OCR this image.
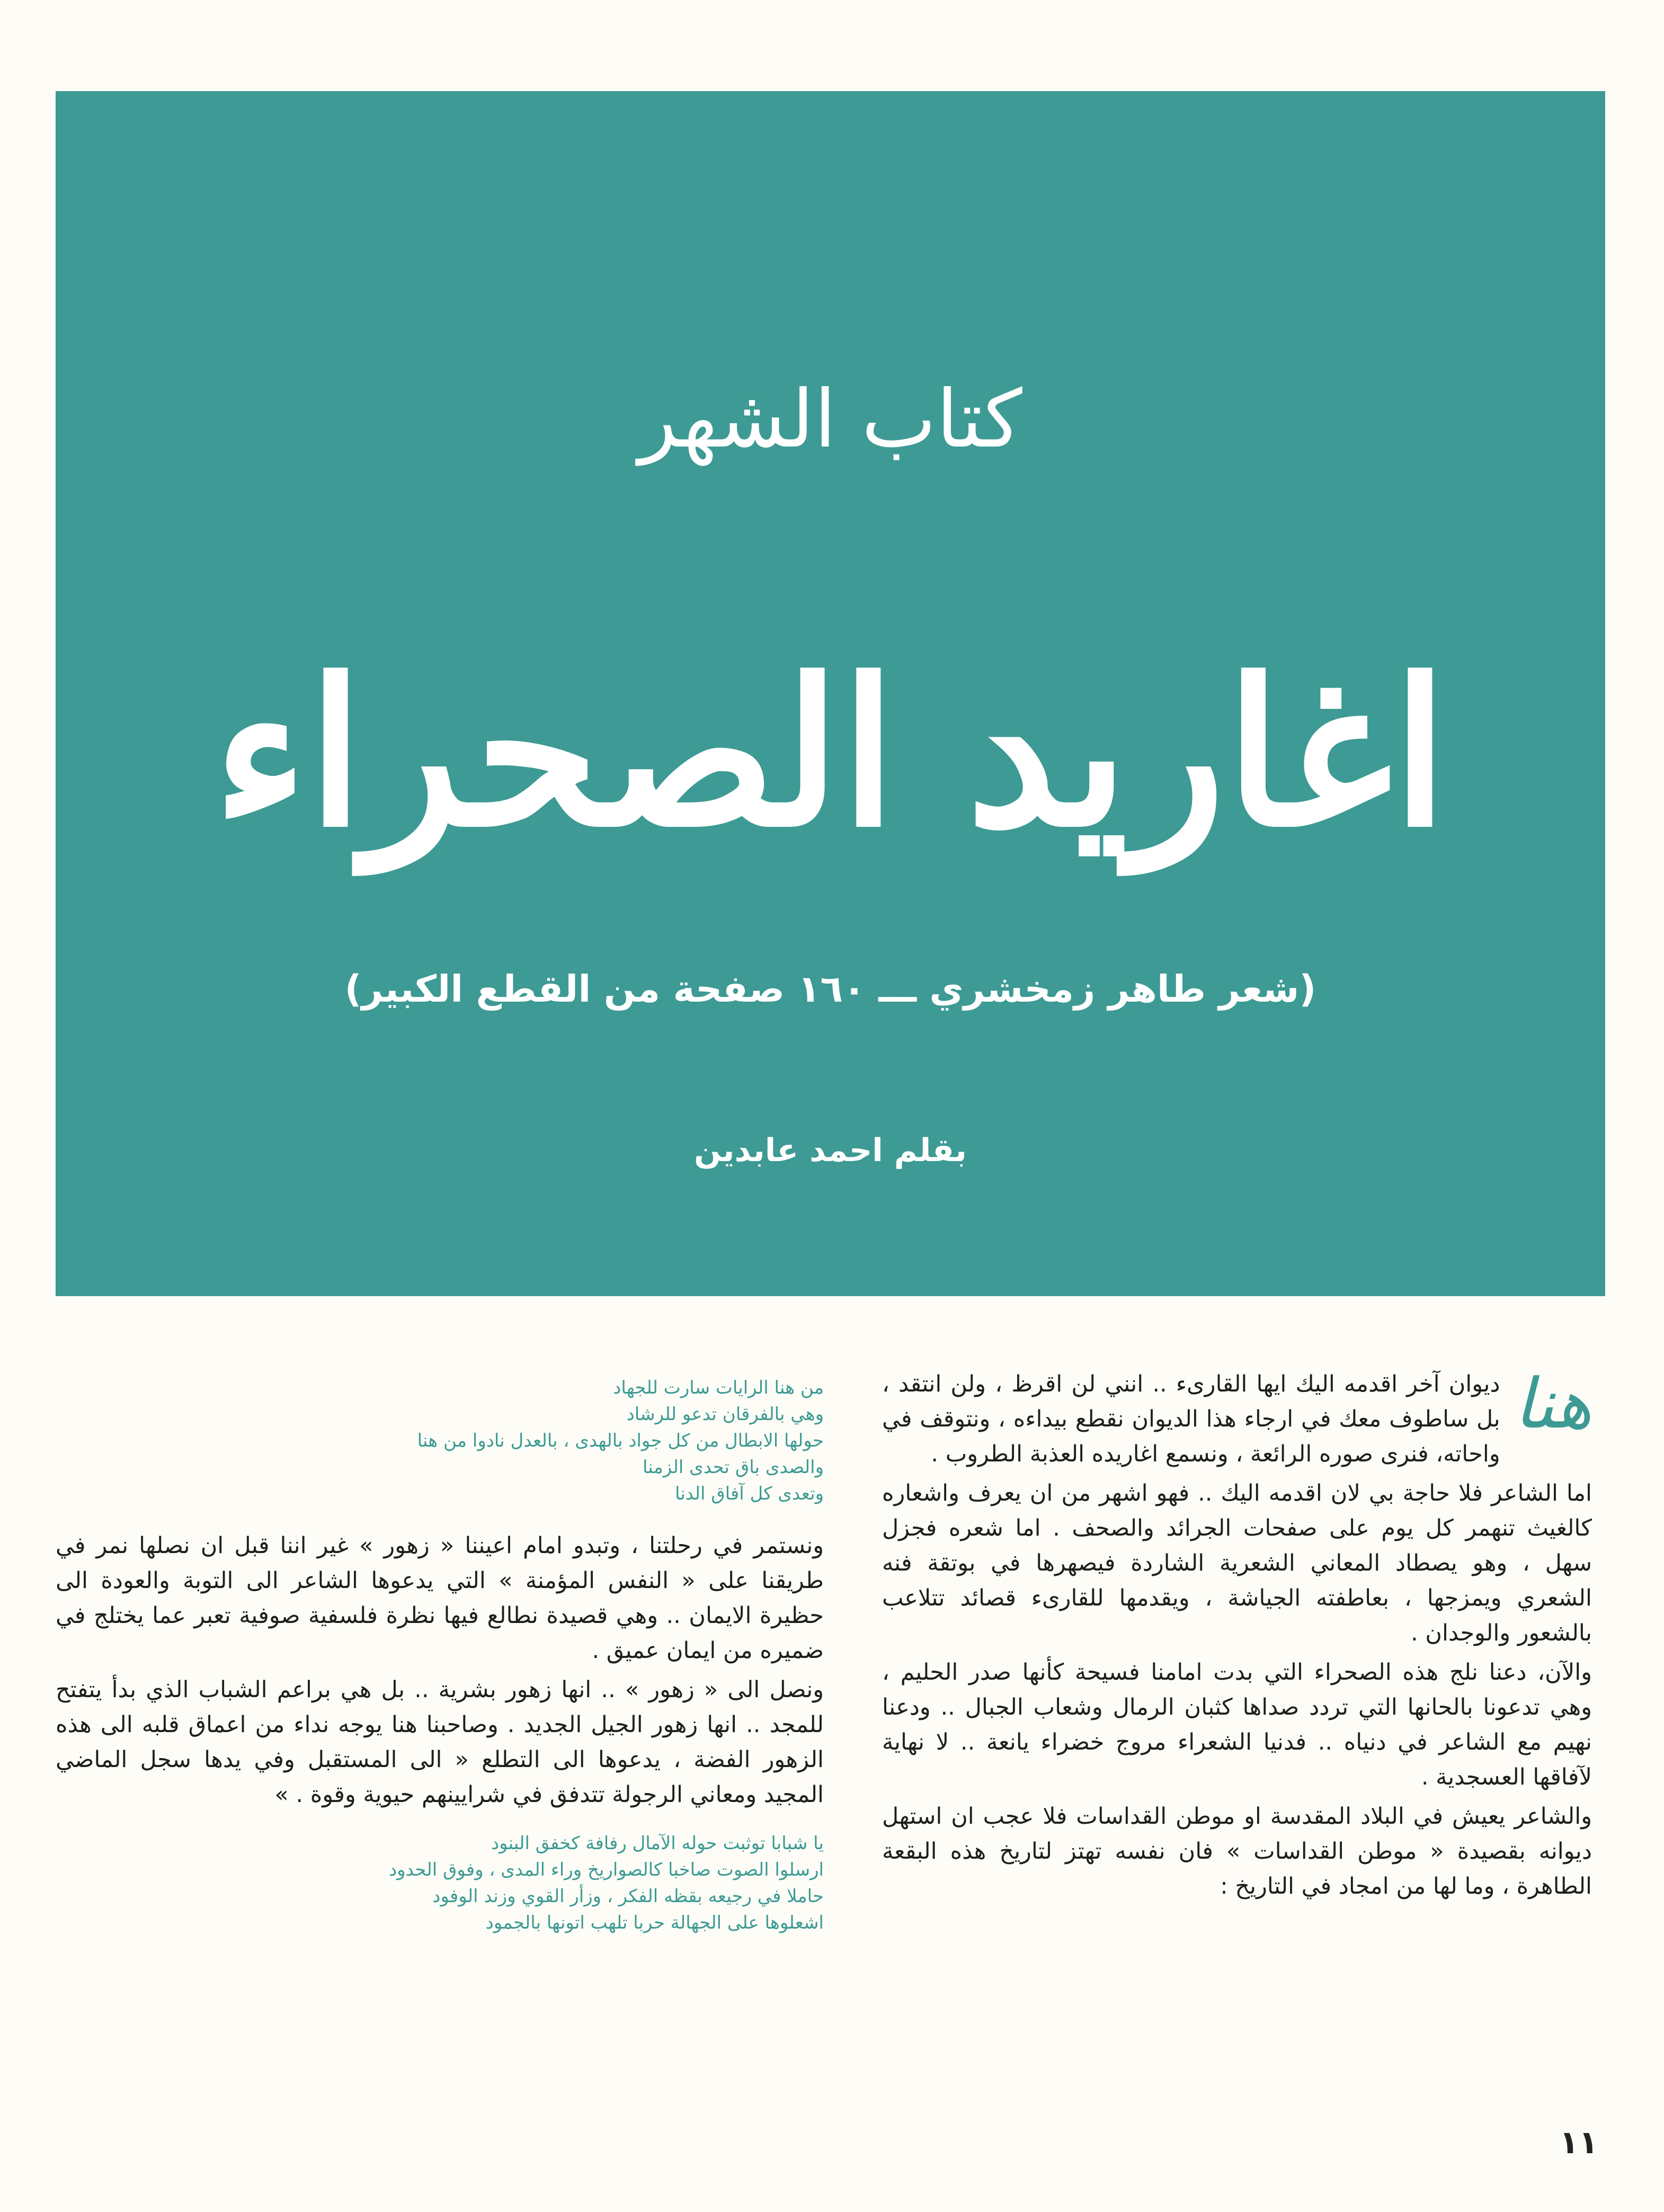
كتاب الشهر
اغاريد الصحراء
(شعر طاهر زمخشري ـــ ١٦٠ صفحة من القطع الكبير)
بقلم احمد عابدين
هنا

ديوان آخر اقدمه اليك ايها القارىء .. انني لن اقرظ ، ولن انتقد ، بل ساطوف معك في ارجاء هذا الديوان نقطع بيداءه ، ونتوقف في واحاته، فنرى صوره الرائعة ، ونسمع اغاريده العذبة الطروب .

اما الشاعر فلا حاجة بي لان اقدمه اليك .. فهو اشهر من ان يعرف واشعاره كالغيث تنهمر كل يوم على صفحات الجرائد والصحف . اما شعره فجزل سهل ، وهو يصطاد المعاني الشعرية الشاردة فيصهرها في بوتقة فنه الشعري ويمزجها ، بعاطفته الجياشة ، ويقدمها للقارىء قصائد تتلاعب بالشعور والوجدان .

والآن، دعنا نلج هذه الصحراء التي بدت امامنا فسيحة كأنها صدر الحليم ، وهي تدعونا بالحانها التي تردد صداها كثبان الرمال وشعاب الجبال .. ودعنا نهيم مع الشاعر في دنياه .. فدنيا الشعراء مروج خضراء يانعة .. لا نهاية لآفاقها العسجدية .

والشاعر يعيش في البلاد المقدسة او موطن القداسات فلا عجب ان استهل ديوانه بقصيدة « موطن القداسات » فان نفسه تهتز لتاريخ هذه البقعة الطاهرة ، وما لها من امجاد في التاريخ :

من هنا الرايات سارت للجهاد

وهي بالفرقان تدعو للرشاد

حولها الابطال من كل جواد بالهدى ، بالعدل نادوا من هنا

والصدى باق تحدى الزمنا

وتعدى كل آفاق الدنا

ونستمر في رحلتنا ، وتبدو امام اعيننا « زهور » غير اننا قبل ان نصلها نمر في طريقنا على « النفس المؤمنة » التي يدعوها الشاعر الى التوبة والعودة الى حظيرة الايمان .. وهي قصيدة نطالع فيها نظرة فلسفية صوفية تعبر عما يختلج في ضميره من ايمان عميق .

ونصل الى « زهور » .. انها زهور بشرية .. بل هي براعم الشباب الذي بدأ يتفتح للمجد .. انها زهور الجيل الجديد . وصاحبنا هنا يوجه نداء من اعماق قلبه الى هذه الزهور الفضة ، يدعوها الى التطلع « الى المستقبل وفي يدها سجل الماضي المجيد ومعاني الرجولة تتدفق في شرايينهم حيوية وقوة . »

يا شبابا توثبت حوله الآمال رفافة كخفق البنود

ارسلوا الصوت صاخبا كالصواريخ وراء المدى ، وفوق الحدود

حاملا في رجيعه بقظه الفكر ، وزأر القوي وزند الوفود

اشعلوها على الجهالة حربا تلهب اتونها بالجمود

١١
